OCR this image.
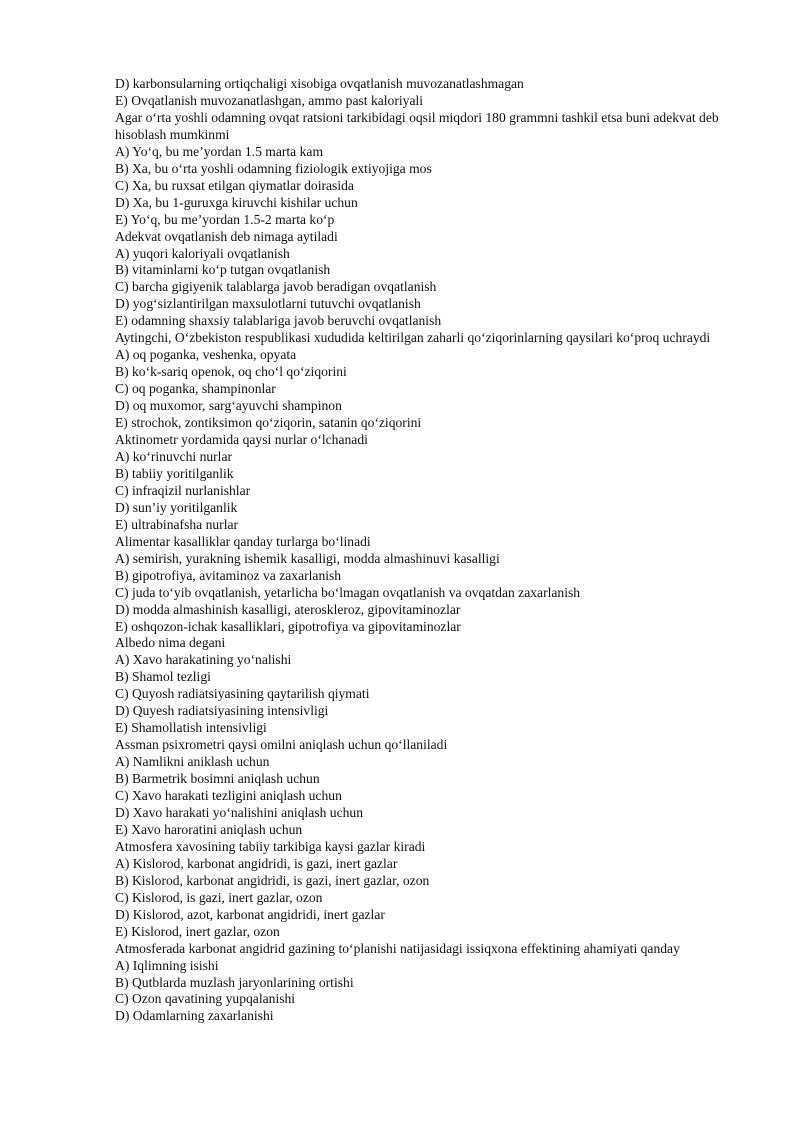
D) karbonsularning ortiqchaligi xisobiga ovqatlanish muvozanatlashmagan
E) Ovqatlanish muvozanatlashgan, ammo past kaloriyali
Agar o‘rta yoshli odamning ovqat ratsioni tarkibidagi oqsil miqdori 180 grammni tashkil etsa buni adekvat deb hisoblash mumkinmi
A) Yo‘q, bu me’yordan 1.5 marta kam
B) Xa, bu o‘rta yoshli odamning fiziologik extiyojiga mos
C) Xa, bu ruxsat etilgan qiymatlar doirasida
D) Xa, bu 1-guruxga kiruvchi kishilar uchun
E) Yo‘q, bu me’yordan 1.5-2 marta ko‘p
Adekvat ovqatlanish deb nimaga aytiladi
A) yuqori kaloriyali ovqatlanish
B) vitaminlarni ko‘p tutgan ovqatlanish
C) barcha gigiyenik talablarga javob beradigan ovqatlanish
D) yog‘sizlantirilgan maxsulotlarni tutuvchi ovqatlanish
E) odamning shaxsiy talablariga javob beruvchi ovqatlanish
Aytingchi, O‘zbekiston respublikasi xududida keltirilgan zaharli qo‘ziqorinlarning qaysilari ko‘proq uchraydi
A) oq poganka, veshenka, opyata
B) ko‘k-sariq openok, oq cho‘l qo‘ziqorini
C) oq poganka, shampinonlar
D) oq muxomor, sarg‘ayuvchi shampinon
E) strochok, zontiksimon qo‘ziqorin, satanin qo‘ziqorini
Aktinometr yordamida qaysi nurlar o‘lchanadi
A) ko‘rinuvchi nurlar
B) tabiiy yoritilganlik
C) infraqizil nurlanishlar
D) sun’iy yoritilganlik
E) ultrabinafsha nurlar
Alimentar kasalliklar qanday turlarga bo‘linadi
A) semirish, yurakning ishemik kasalligi, modda almashinuvi kasalligi
B) gipotrofiya, avitaminoz va zaxarlanish
C) juda to‘yib ovqatlanish, yetarlicha bo‘lmagan ovqatlanish va ovqatdan zaxarlanish
D) modda almashinish kasalligi, ateroskleroz, gipovitaminozlar
E) oshqozon-ichak kasalliklari, gipotrofiya va gipovitaminozlar
Albedo nima degani
A) Xavo harakatining yo‘nalishi
B) Shamol tezligi
C) Quyosh radiatsiyasining qaytarilish qiymati
D) Quyesh radiatsiyasining intensivligi
E) Shamollatish intensivligi
Assman psixrometri qaysi omilni aniqlash uchun qo‘llaniladi
A) Namlikni aniklash uchun
B) Barmetrik bosimni aniqlash uchun
C) Xavo harakati tezligini aniqlash uchun
D) Xavo harakati yo‘nalishini aniqlash uchun
E) Xavo haroratini aniqlash uchun
Atmosfera xavosining tabiiy tarkibiga kaysi gazlar kiradi
A) Kislorod, karbonat angidridi, is gazi, inert gazlar
B) Kislorod, karbonat angidridi, is gazi, inert gazlar, ozon
C) Kislorod, is gazi, inert gazlar, ozon
D) Kislorod, azot, karbonat angidridi, inert gazlar
E) Kislorod, inert gazlar, ozon
Atmosferada karbonat angidrid gazining to‘planishi natijasidagi issiqxona effektining ahamiyati qanday
A) Iqlimning isishi
B) Qutblarda muzlash jaryonlarining ortishi
C) Ozon qavatining yupqalanishi
D) Odamlarning zaxarlanishi
